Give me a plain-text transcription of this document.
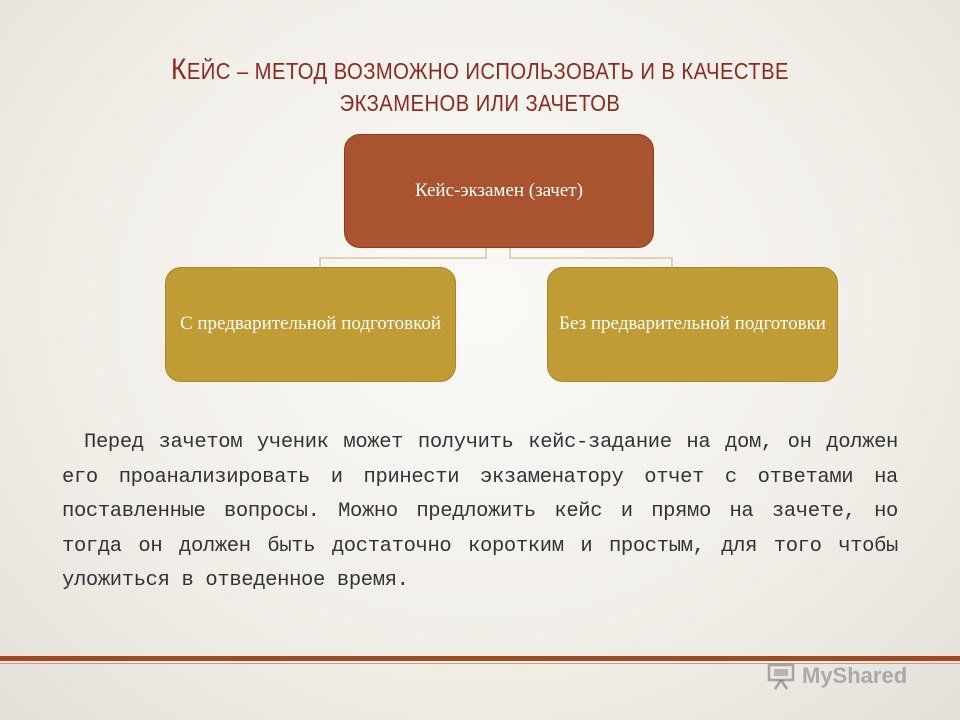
КЕЙС – МЕТОД ВОЗМОЖНО ИСПОЛЬЗОВАТЬ И В КАЧЕСТВЕ
ЭКЗАМЕНОВ ИЛИ ЗАЧЕТОВ
Кейс-экзамен (зачет)
С предварительной подготовкой	Без предварительной подготовки

Перед зачетом ученик может получить кейс-задание на дом, он должен его проанализировать и принести экзаменатору отчет с ответами на поставленные вопросы. Можно предложить кейс и прямо на зачете, но тогда он должен быть достаточно коротким и простым, для того чтобы уложиться в отведенное время.

MyShared
